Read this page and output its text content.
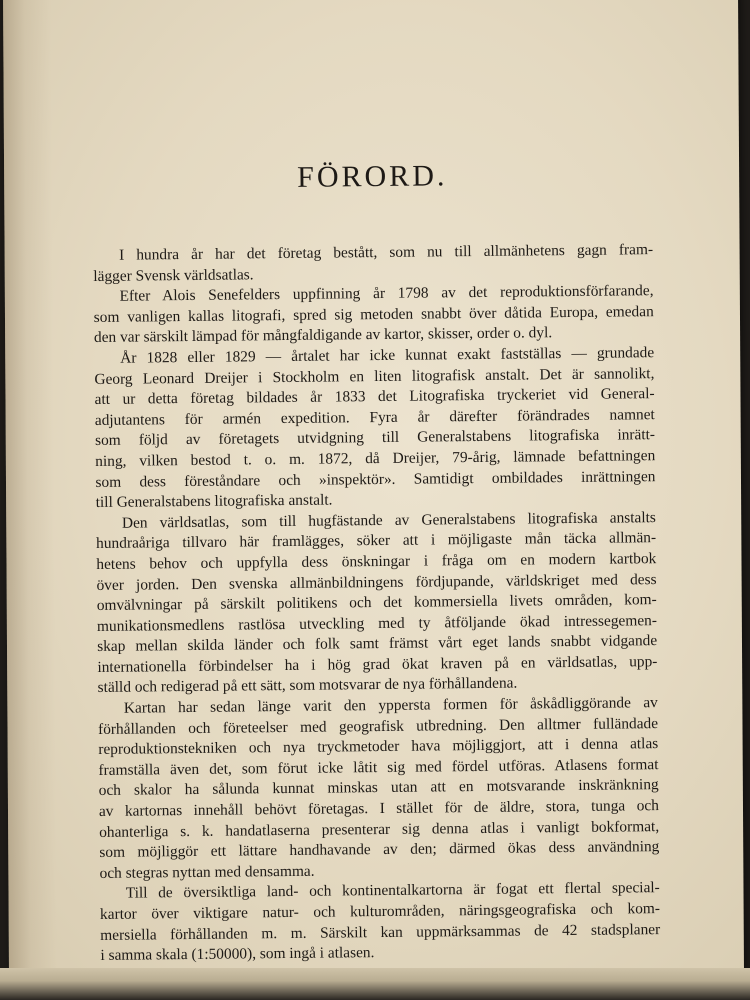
FÖRORD.
I hundra år har det företag bestått, som nu till allmänhetens gagn fram-
lägger Svensk världsatlas.
Efter Alois Senefelders uppfinning år 1798 av det reproduktionsförfarande,
som vanligen kallas litografi, spred sig metoden snabbt över dåtida Europa, emedan
den var särskilt lämpad för mångfaldigande av kartor, skisser, order o. dyl.
År 1828 eller 1829 — årtalet har icke kunnat exakt fastställas — grundade
Georg Leonard Dreijer i Stockholm en liten litografisk anstalt. Det är sannolikt,
att ur detta företag bildades år 1833 det Litografiska tryckeriet vid General-
adjutantens för armén expedition. Fyra år därefter förändrades namnet
som följd av företagets utvidgning till Generalstabens litografiska inrätt-
ning, vilken bestod t. o. m. 1872, då Dreijer, 79-årig, lämnade befattningen
som dess föreståndare och »inspektör». Samtidigt ombildades inrättningen
till Generalstabens litografiska anstalt.
Den världsatlas, som till hugfästande av Generalstabens litografiska anstalts
hundraåriga tillvaro här framlägges, söker att i möjligaste mån täcka allmän-
hetens behov och uppfylla dess önskningar i fråga om en modern kartbok
över jorden. Den svenska allmänbildningens fördjupande, världskriget med dess
omvälvningar på särskilt politikens och det kommersiella livets områden, kom-
munikationsmedlens rastlösa utveckling med ty åtföljande ökad intressegemen-
skap mellan skilda länder och folk samt främst vårt eget lands snabbt vidgande
internationella förbindelser ha i hög grad ökat kraven på en världsatlas, upp-
ställd och redigerad på ett sätt, som motsvarar de nya förhållandena.
Kartan har sedan länge varit den yppersta formen för åskådliggörande av
förhållanden och företeelser med geografisk utbredning. Den alltmer fulländade
reproduktionstekniken och nya tryckmetoder hava möjliggjort, att i denna atlas
framställa även det, som förut icke låtit sig med fördel utföras. Atlasens format
och skalor ha sålunda kunnat minskas utan att en motsvarande inskränkning
av kartornas innehåll behövt företagas. I stället för de äldre, stora, tunga och
ohanterliga s. k. handatlaserna presenterar sig denna atlas i vanligt bokformat,
som möjliggör ett lättare handhavande av den; därmed ökas dess användning
och stegras nyttan med densamma.
Till de översiktliga land- och kontinentalkartorna är fogat ett flertal special-
kartor över viktigare natur- och kulturområden, näringsgeografiska och kom-
mersiella förhållanden m. m. Särskilt kan uppmärksammas de 42 stadsplaner
i samma skala (1:50000), som ingå i atlasen.
